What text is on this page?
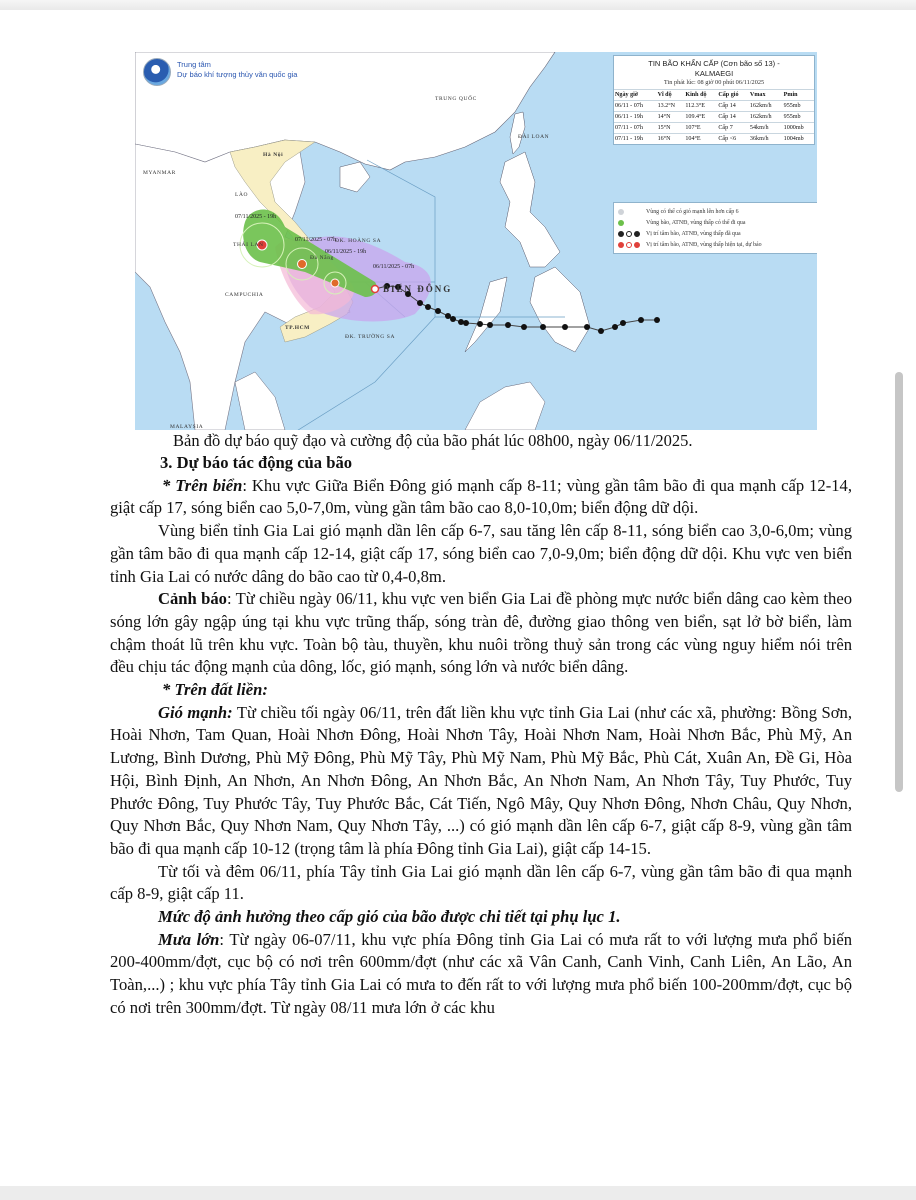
Trung tâm
Dự báo khí tượng thủy văn quốc gia
TRUNG QUỐC
ĐÀI LOAN
Hà Nội
MYANMAR
LÀO
THÁI LAN
CAMPUCHIA
TP.HCM
ĐK. HOÀNG SA
ĐK. TRƯỜNG SA
BIỂN ĐÔNG
Đà Nẵng
MALAYSIA
06/11/2025 - 07h
06/11/2025 - 19h
07/11/2025 - 07h
07/11/2025 - 19h
TIN BÃO KHẨN CẤP (Cơn bão số 13) -
KALMAEGI
Tin phát lúc: 08 giờ 00 phút 06/11/2025
Ngày giờ	Vĩ độ	Kinh độ	Cấp gió	Vmax	Pmin
06/11 - 07h	13.2°N	112.3°E	Cấp 14	162km/h	955mb
06/11 - 19h	14°N	109.4°E	Cấp 14	162km/h	955mb
07/11 - 07h	15°N	107°E	Cấp 7	54km/h	1000mb
07/11 - 19h	16°N	104°E	Cấp <6	36km/h	1004mb
Vùng có thể có gió mạnh lên hơn cấp 6
Vùng bão, ATNĐ, vùng thấp có thể đi qua
Vị trí tâm bão, ATNĐ, vùng thấp đã qua
Vị trí tâm bão, ATNĐ, vùng thấp hiện tại, dự báo
Bản đồ dự báo quỹ đạo và cường độ của bão phát lúc 08h00, ngày 06/11/2025.

3. Dự báo tác động của bão

* Trên biển: Khu vực Giữa Biển Đông gió mạnh cấp 8-11; vùng gần tâm bão đi qua mạnh cấp 12-14, giật cấp 17, sóng biển cao 5,0-7,0m, vùng gần tâm bão cao 8,0-10,0m; biển động dữ dội.

Vùng biển tỉnh Gia Lai gió mạnh dần lên cấp 6-7, sau tăng lên cấp 8-11, sóng biển cao 3,0-6,0m; vùng gần tâm bão đi qua mạnh cấp 12-14, giật cấp 17, sóng biển cao 7,0-9,0m; biển động dữ dội. Khu vực ven biển tỉnh Gia Lai có nước dâng do bão cao từ 0,4-0,8m.

Cảnh báo: Từ chiều ngày 06/11, khu vực ven biển Gia Lai đề phòng mực nước biển dâng cao kèm theo sóng lớn gây ngập úng tại khu vực trũng thấp, sóng tràn đê, đường giao thông ven biển, sạt lở bờ biển, làm chậm thoát lũ trên khu vực. Toàn bộ tàu, thuyền, khu nuôi trồng thuỷ sản trong các vùng nguy hiểm nói trên đều chịu tác động mạnh của dông, lốc, gió mạnh, sóng lớn và nước biển dâng.

* Trên đất liền:

Gió mạnh: Từ chiều tối ngày 06/11, trên đất liền khu vực tỉnh Gia Lai (như các xã, phường: Bồng Sơn, Hoài Nhơn, Tam Quan, Hoài Nhơn Đông, Hoài Nhơn Tây, Hoài Nhơn Nam, Hoài Nhơn Bắc, Phù Mỹ, An Lương, Bình Dương, Phù Mỹ Đông, Phù Mỹ Tây, Phù Mỹ Nam, Phù Mỹ Bắc, Phù Cát, Xuân An, Đề Gi, Hòa Hội, Bình Định, An Nhơn, An Nhơn Đông, An Nhơn Bắc, An Nhơn Nam, An Nhơn Tây, Tuy Phước, Tuy Phước Đông, Tuy Phước Tây, Tuy Phước Bắc, Cát Tiến, Ngô Mây, Quy Nhơn Đông, Nhơn Châu, Quy Nhơn, Quy Nhơn Bắc, Quy Nhơn Nam, Quy Nhơn Tây, ...) có gió mạnh dần lên cấp 6-7, giật cấp 8-9, vùng gần tâm bão đi qua mạnh cấp 10-12 (trọng tâm là phía Đông tỉnh Gia Lai), giật cấp 14-15.

Từ tối và đêm 06/11, phía Tây tỉnh Gia Lai gió mạnh dần lên cấp 6-7, vùng gần tâm bão đi qua mạnh cấp 8-9, giật cấp 11.

Mức độ ảnh hưởng theo cấp gió của bão được chi tiết tại phụ lục 1.

Mưa lớn: Từ ngày 06-07/11, khu vực phía Đông tỉnh Gia Lai có mưa rất to với lượng mưa phổ biến 200-400mm/đợt, cục bộ có nơi trên 600mm/đợt (như các xã Vân Canh, Canh Vinh, Canh Liên, An Lão, An Toàn,...) ; khu vực phía Tây tỉnh Gia Lai có mưa to đến rất to với lượng mưa phổ biến 100-200mm/đợt, cục bộ có nơi trên 300mm/đợt. Từ ngày 08/11 mưa lớn ở các khu
